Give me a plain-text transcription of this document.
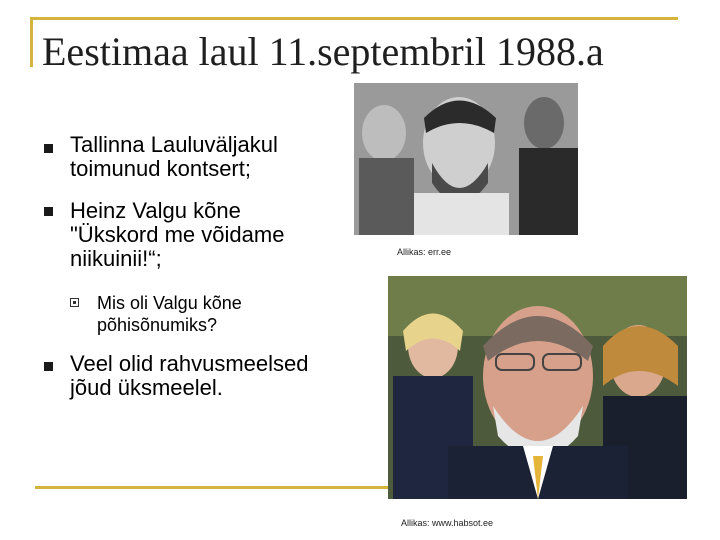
Eestimaa laul 11.septembril 1988.a
Tallinna Lauluväljakul
toimunud kontsert;
Heinz Valgu kõne
"Ükskord me võidame
niikuinii!“;
Mis oli Valgu kõne
põhisõnumiks?
Veel olid rahvusmeelsed
jõud üksmeelel.
Allikas: err.ee
Allikas: www.habsot.ee
